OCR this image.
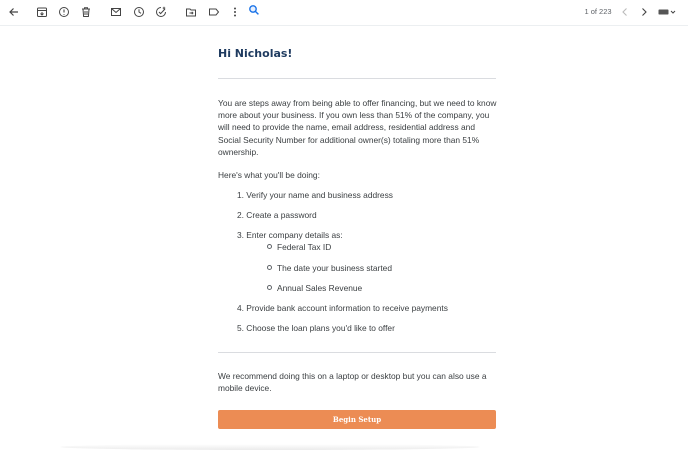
1 of 223
Hi Nicholas!
You are steps away from being able to offer financing, but we need to know more about your business. If you own less than 51% of the company, you will need to provide the name, email address, residential address and Social Security Number for additional owner(s) totaling more than 51% ownership.
Here's what you'll be doing:
1. Verify your name and business address
2. Create a password
3. Enter company details as:
Federal Tax ID
The date your business started
Annual Sales Revenue
4. Provide bank account information to receive payments
5. Choose the loan plans you'd like to offer
We recommend doing this on a laptop or desktop but you can also use a mobile device.
Begin Setup
